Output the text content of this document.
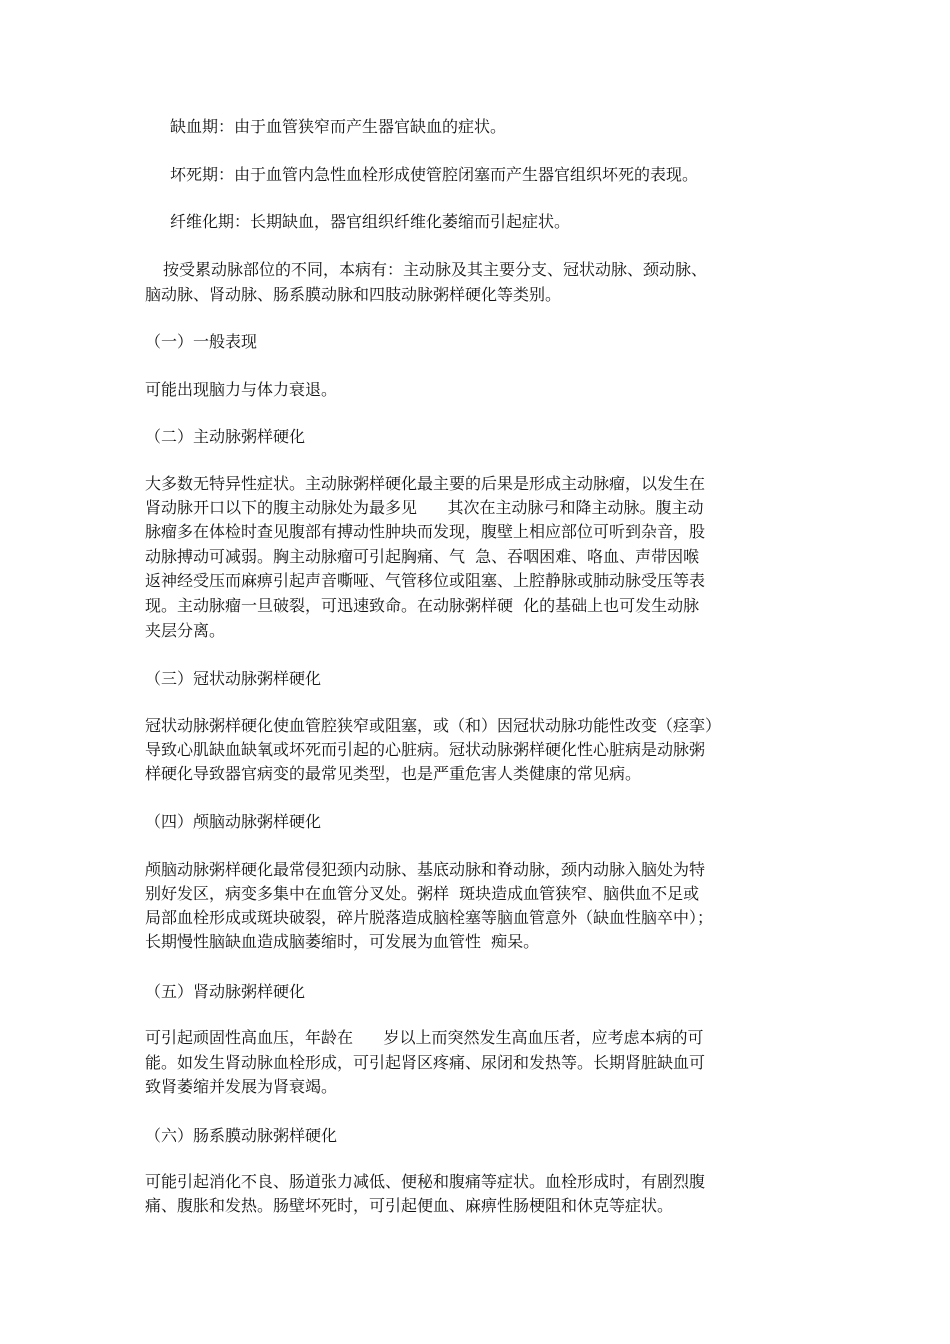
缺血期：由于血管狭窄而产生器官缺血的症状。

坏死期：由于血管内急性血栓形成使管腔闭塞而产生器官组织坏死的表现。

纤维化期：长期缺血，器官组织纤维化萎缩而引起症状。

按受累动脉部位的不同，本病有：主动脉及其主要分支、冠状动脉、颈动脉、

脑动脉、肾动脉、肠系膜动脉和四肢动脉粥样硬化等类别。

（一）一般表现

可能出现脑力与体力衰退。

（二）主动脉粥样硬化

大多数无特异性症状。主动脉粥样硬化最主要的后果是形成主动脉瘤，以发生在

肾动脉开口以下的腹主动脉处为最多见      其次在主动脉弓和降主动脉。腹主动

脉瘤多在体检时查见腹部有搏动性肿块而发现，腹壁上相应部位可听到杂音，股

动脉搏动可减弱。胸主动脉瘤可引起胸痛、气  急、吞咽困难、咯血、声带因喉

返神经受压而麻痹引起声音嘶哑、气管移位或阻塞、上腔静脉或肺动脉受压等表

现。主动脉瘤一旦破裂，可迅速致命。在动脉粥样硬  化的基础上也可发生动脉

夹层分离。

（三）冠状动脉粥样硬化

冠状动脉粥样硬化使血管腔狭窄或阻塞，或（和）因冠状动脉功能性改变（痉挛）

导致心肌缺血缺氧或坏死而引起的心脏病。冠状动脉粥样硬化性心脏病是动脉粥

样硬化导致器官病变的最常见类型，也是严重危害人类健康的常见病。

（四）颅脑动脉粥样硬化

颅脑动脉粥样硬化最常侵犯颈内动脉、基底动脉和脊动脉，颈内动脉入脑处为特

别好发区，病变多集中在血管分叉处。粥样  斑块造成血管狭窄、脑供血不足或

局部血栓形成或斑块破裂，碎片脱落造成脑栓塞等脑血管意外（缺血性脑卒中）；

长期慢性脑缺血造成脑萎缩时，可发展为血管性  痴呆。

（五）肾动脉粥样硬化

可引起顽固性高血压，年龄在      岁以上而突然发生高血压者，应考虑本病的可

能。如发生肾动脉血栓形成，可引起肾区疼痛、尿闭和发热等。长期肾脏缺血可

致肾萎缩并发展为肾衰竭。

（六）肠系膜动脉粥样硬化

可能引起消化不良、肠道张力减低、便秘和腹痛等症状。血栓形成时，有剧烈腹

痛、腹胀和发热。肠壁坏死时，可引起便血、麻痹性肠梗阻和休克等症状。
